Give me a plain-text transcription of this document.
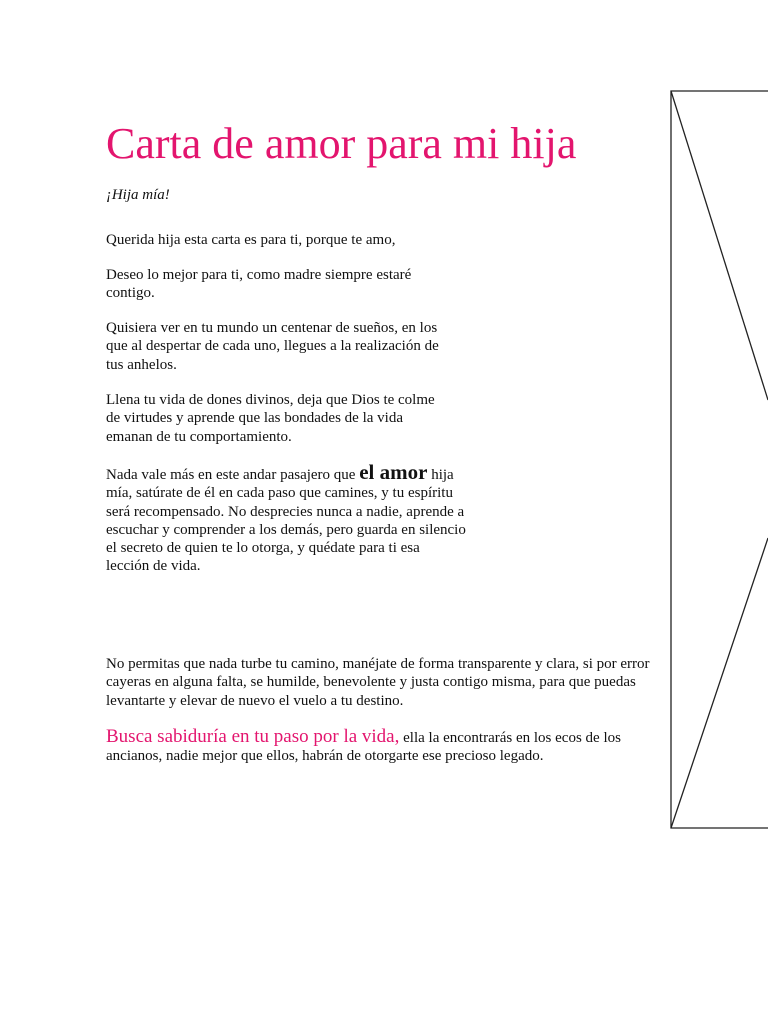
Carta de amor para mi hija
¡Hija mía!

Querida hija esta carta es para ti, porque te amo,

Deseo lo mejor para ti, como madre siempre estaré contigo.

Quisiera ver en tu mundo un centenar de sueños, en los que al despertar de cada uno, llegues a la realización de tus anhelos.

Llena tu vida de dones divinos, deja que Dios te colme de virtudes y aprende que las bondades de la vida emanan de tu comportamiento.

Nada vale más en este andar pasajero que el amor hija mía, satúrate de él en cada paso que camines, y tu espíritu será recompensado. No desprecies nunca a nadie, aprende a escuchar y comprender a los demás, pero guarda en silencio el secreto de quien te lo otorga, y quédate para ti esa lección de vida.

No permitas que nada turbe tu camino, manéjate de forma transparente y clara, si por error cayeras en alguna falta, se humilde, benevolente y justa contigo misma, para que puedas levantarte y elevar de nuevo el vuelo a tu destino.

Busca sabiduría en tu paso por la vida, ella la encontrarás en los ecos de los ancianos, nadie mejor que ellos, habrán de otorgarte ese precioso legado.
